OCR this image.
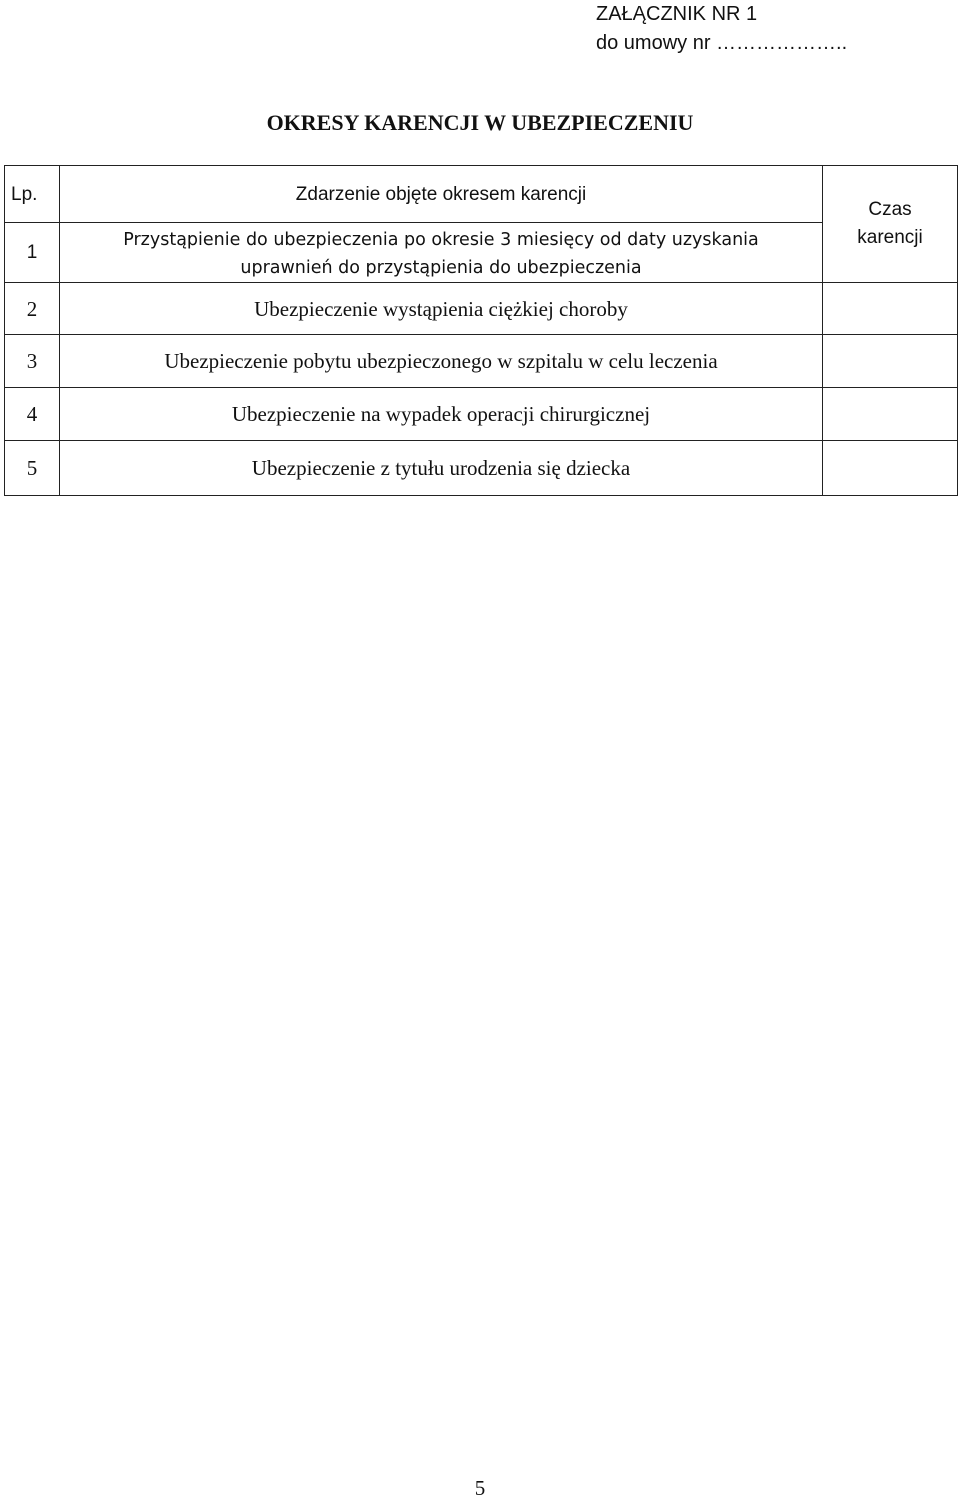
ZAŁĄCZNIK NR 1
do umowy nr ………………..
OKRESY KARENCJI W UBEZPIECZENIU
Lp.	Zdarzenie objęte okresem karencji	Czas
karencji
1	Przystąpienie do ubezpieczenia po okresie 3 miesięcy od daty uzyskania
uprawnień do przystąpienia do ubezpieczenia	
2	Ubezpieczenie wystąpienia ciężkiej choroby	
3	Ubezpieczenie pobytu ubezpieczonego w szpitalu w celu leczenia	
4	Ubezpieczenie na wypadek operacji chirurgicznej	
5	Ubezpieczenie z tytułu urodzenia się dziecka	
5
